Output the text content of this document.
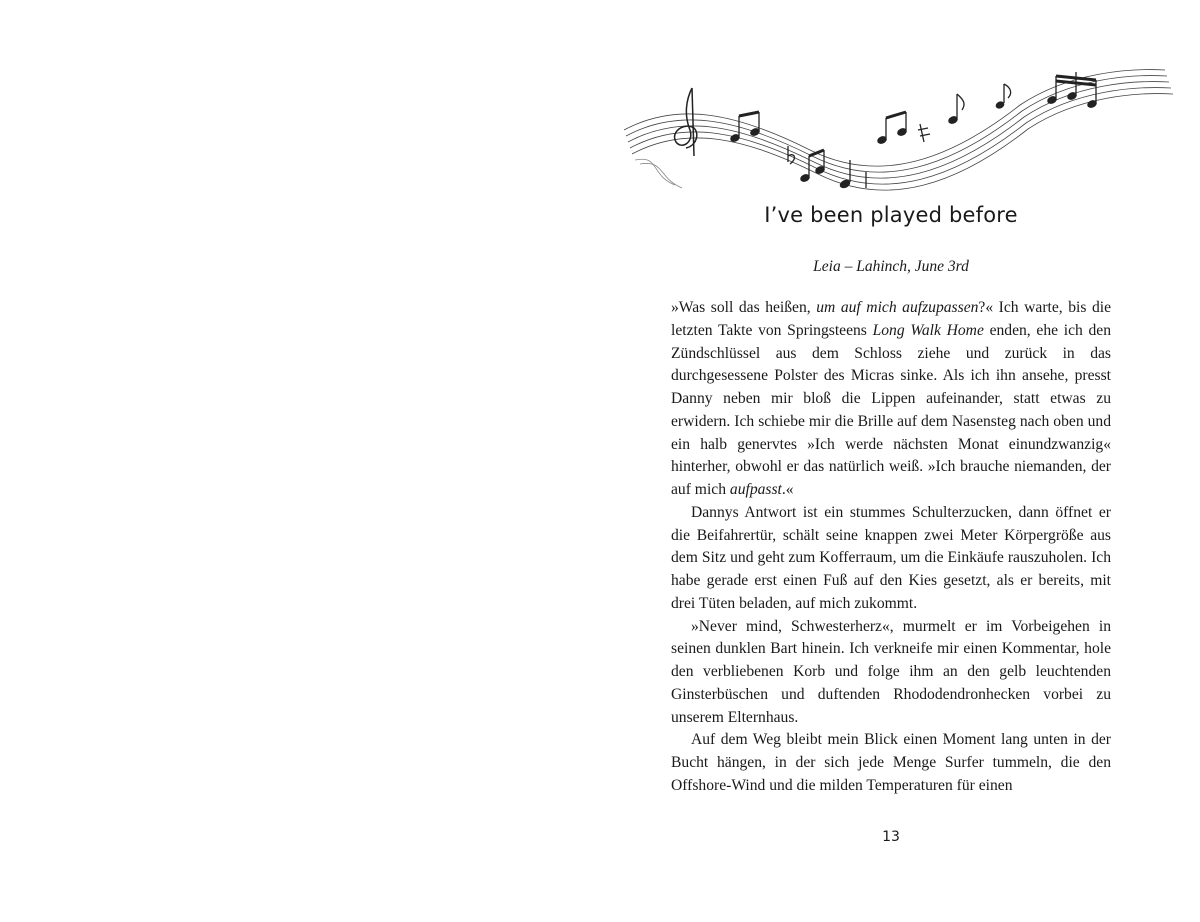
I’ve been played before
Leia – Lahinch, June 3rd

»Was soll das heißen, um auf mich aufzupassen?« Ich warte, bis die letzten Takte von Springsteens Long Walk Home enden, ehe ich den Zündschlüssel aus dem Schloss ziehe und zurück in das durchgesessene Polster des Micras sinke. Als ich ihn ansehe, presst Danny neben mir bloß die Lippen aufeinander, statt etwas zu erwidern. Ich schiebe mir die Brille auf dem Nasensteg nach oben und ein halb genervtes »Ich werde nächsten Monat einundzwanzig« hinterher, obwohl er das natürlich weiß. »Ich brauche niemanden, der auf mich aufpasst.«

Dannys Antwort ist ein stummes Schulterzucken, dann öffnet er die Beifahrertür, schält seine knappen zwei Meter Körpergröße aus dem Sitz und geht zum Kofferraum, um die Einkäufe rauszuholen. Ich habe gerade erst einen Fuß auf den Kies gesetzt, als er bereits, mit drei Tüten beladen, auf mich zukommt.

»Never mind, Schwesterherz«, murmelt er im Vorbeigehen in seinen dunklen Bart hinein. Ich verkneife mir einen Kommentar, hole den verbliebenen Korb und folge ihm an den gelb leuchtenden Ginsterbüschen und duftenden Rhododendronhecken vorbei zu unserem Elternhaus.

Auf dem Weg bleibt mein Blick einen Moment lang unten in der Bucht hängen, in der sich jede Menge Surfer tummeln, die den Offshore-Wind und die milden Temperaturen für einen

13
